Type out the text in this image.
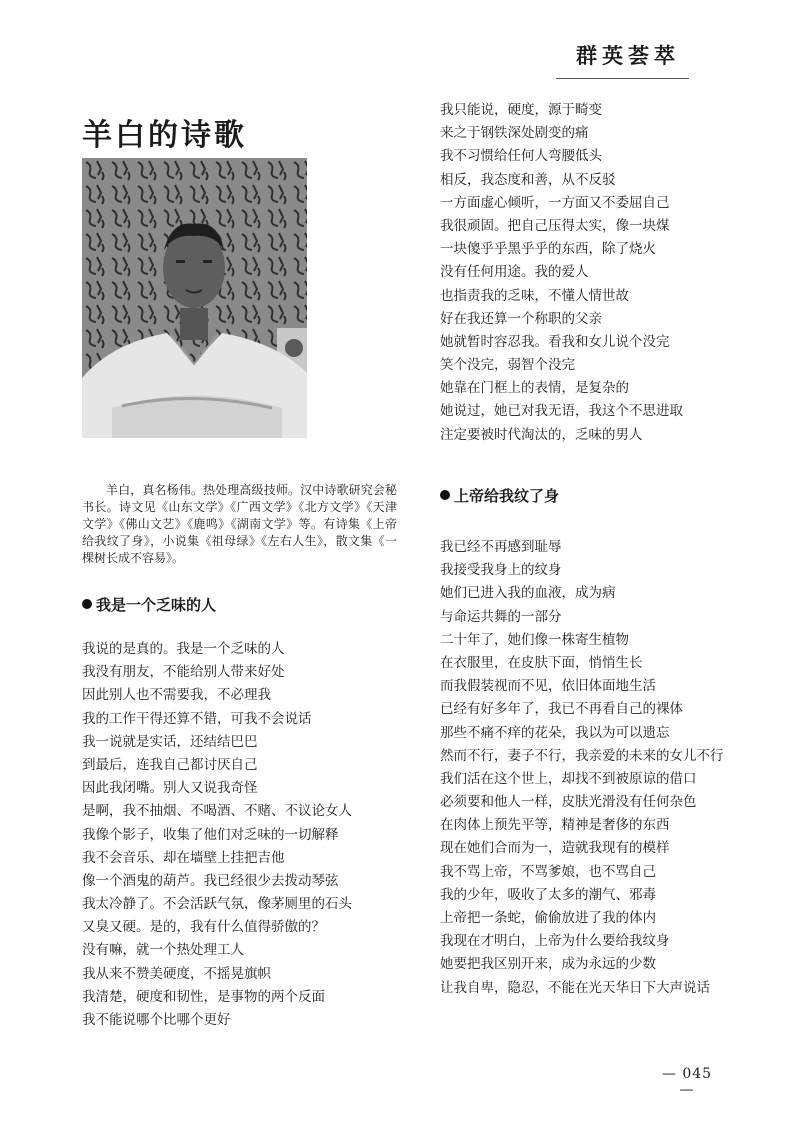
群英荟萃
羊白的诗歌
羊白，真名杨伟。热处理高级技师。汉中诗歌研究会秘书长。诗文见《山东文学》《广西文学》《北方文学》《天津文学》《佛山文艺》《鹿鸣》《湖南文学》等。有诗集《上帝给我纹了身》，小说集《祖母绿》《左右人生》，散文集《一棵树长成不容易》。
我是一个乏味的人
我说的是真的。我是一个乏味的人
我没有朋友，不能给别人带来好处
因此别人也不需要我，不必理我
我的工作干得还算不错，可我不会说话
我一说就是实话，还结结巴巴
到最后，连我自己都讨厌自己
因此我闭嘴。别人又说我奇怪
是啊，我不抽烟、不喝酒、不赌、不议论女人
我像个影子，收集了他们对乏味的一切解释
我不会音乐、却在墙壁上挂把吉他
像一个酒鬼的葫芦。我已经很少去拨动琴弦
我太冷静了。不会活跃气氛，像茅厕里的石头
又臭又硬。是的，我有什么值得骄傲的？
没有嘛，就一个热处理工人
我从来不赞美硬度，不摇晃旗帜
我清楚，硬度和韧性，是事物的两个反面
我不能说哪个比哪个更好
我只能说，硬度，源于畸变
来之于钢铁深处剧变的痛
我不习惯给任何人弯腰低头
相反，我态度和善，从不反驳
一方面虚心倾听，一方面又不委屈自己
我很顽固。把自己压得太实，像一块煤
一块傻乎乎黑乎乎的东西，除了烧火
没有任何用途。我的爱人
也指责我的乏味，不懂人情世故
好在我还算一个称职的父亲
她就暂时容忍我。看我和女儿说个没完
笑个没完，弱智个没完
她靠在门框上的表情，是复杂的
她说过，她已对我无语，我这个不思进取
注定要被时代淘汰的，乏味的男人
上帝给我纹了身
我已经不再感到耻辱
我接受我身上的纹身
她们已进入我的血液，成为病
与命运共舞的一部分
二十年了，她们像一株寄生植物
在衣服里，在皮肤下面，悄悄生长
而我假装视而不见，依旧体面地生活
已经有好多年了，我已不再看自己的裸体
那些不痛不痒的花朵，我以为可以遗忘
然而不行，妻子不行，我亲爱的未来的女儿不行
我们活在这个世上，却找不到被原谅的借口
必须要和他人一样，皮肤光滑没有任何杂色
在肉体上预先平等，精神是奢侈的东西
现在她们合而为一，造就我现有的模样
我不骂上帝，不骂爹娘，也不骂自己
我的少年，吸收了太多的潮气、邪毒
上帝把一条蛇，偷偷放进了我的体内
我现在才明白，上帝为什么要给我纹身
她要把我区别开来，成为永远的少数
让我自卑，隐忍，不能在光天华日下大声说话
— 045 —
